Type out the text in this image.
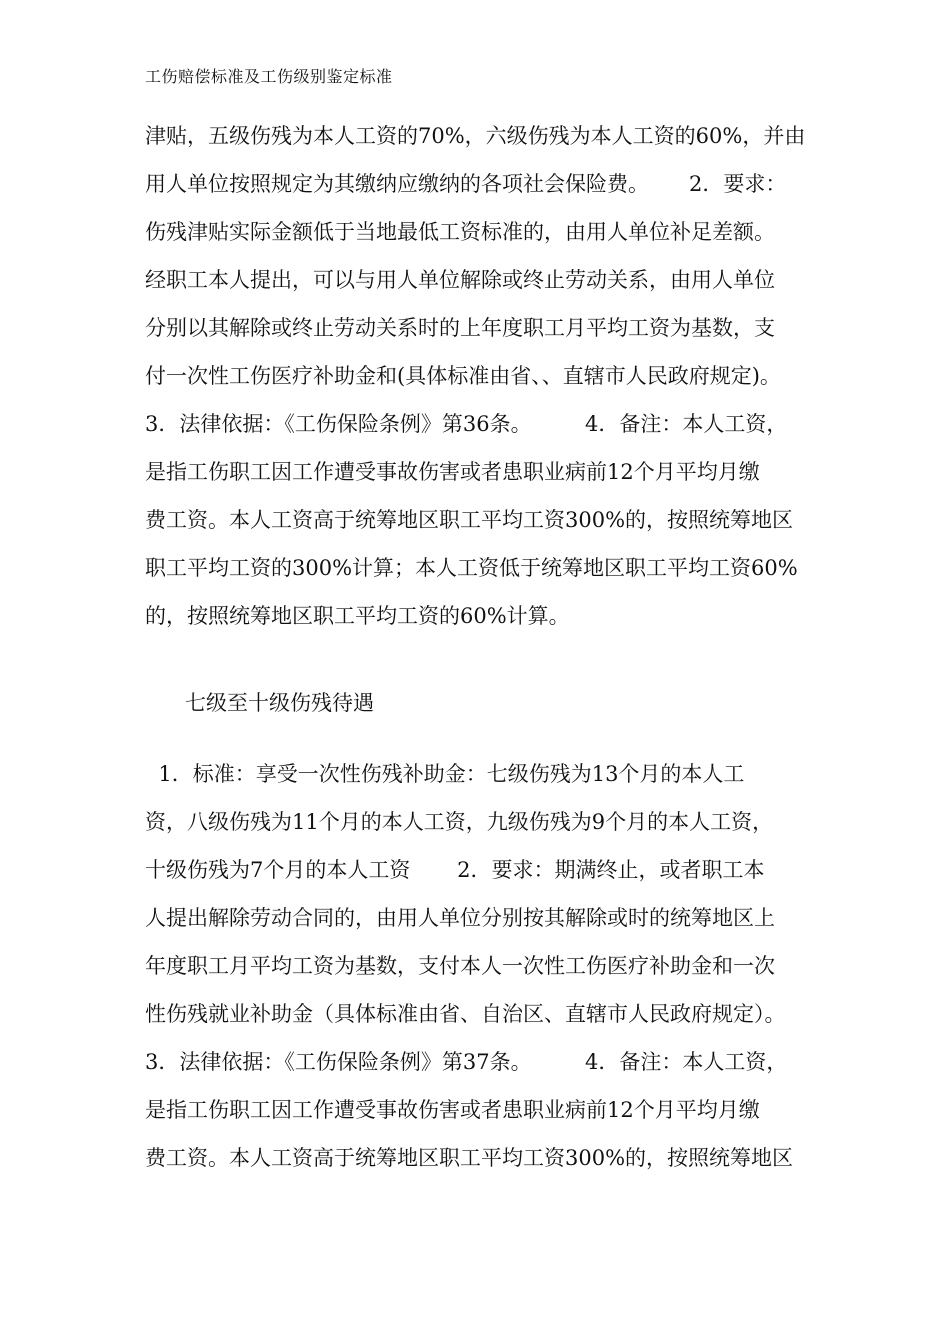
工伤赔偿标准及工伤级别鉴定标准
津贴，五级伤残为本人工资的70%，六级伤残为本人工资的60%，并由
用人单位按照规定为其缴纳应缴纳的各项社会保险费。      2．要求：
伤残津贴实际金额低于当地最低工资标准的，由用人单位补足差额。
经职工本人提出，可以与用人单位解除或终止劳动关系，由用人单位
分别以其解除或终止劳动关系时的上年度职工月平均工资为基数，支
付一次性工伤医疗补助金和(具体标准由省、、直辖市人民政府规定)。
3．法律依据：《工伤保险条例》第36条。        4．备注：本人工资，
是指工伤职工因工作遭受事故伤害或者患职业病前12个月平均月缴
费工资。本人工资高于统筹地区职工平均工资300%的，按照统筹地区
职工平均工资的300%计算；本人工资低于统筹地区职工平均工资60%
的，按照统筹地区职工平均工资的60%计算。
七级至十级伤残待遇
1．标准：享受一次性伤残补助金：七级伤残为13个月的本人工
资，八级伤残为11个月的本人工资，九级伤残为9个月的本人工资，
十级伤残为7个月的本人工资       2．要求：期满终止，或者职工本
人提出解除劳动合同的，由用人单位分别按其解除或时的统筹地区上
年度职工月平均工资为基数，支付本人一次性工伤医疗补助金和一次
性伤残就业补助金（具体标准由省、自治区、直辖市人民政府规定）。
3．法律依据：《工伤保险条例》第37条。        4．备注：本人工资，
是指工伤职工因工作遭受事故伤害或者患职业病前12个月平均月缴
费工资。本人工资高于统筹地区职工平均工资300%的，按照统筹地区
